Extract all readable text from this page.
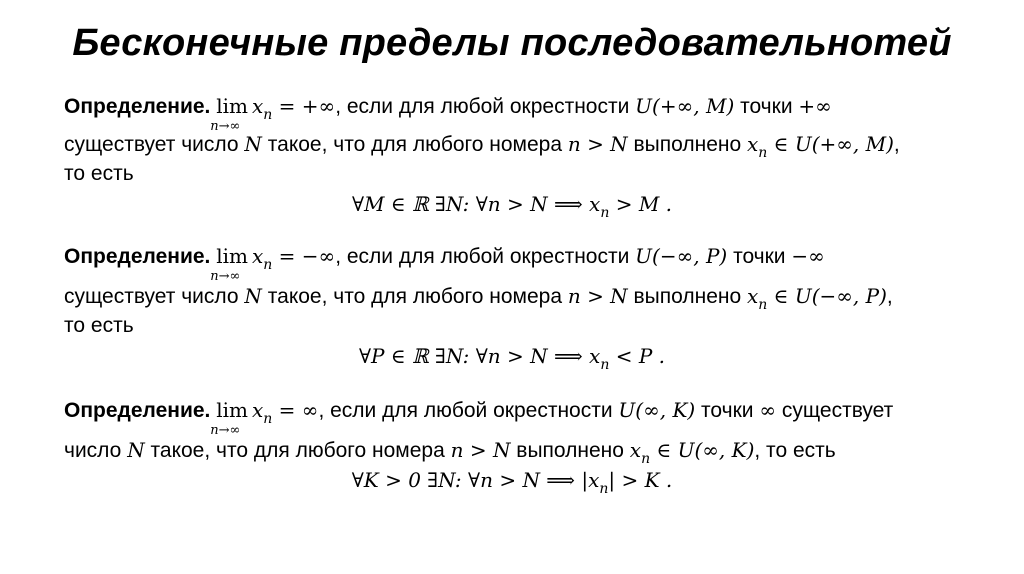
Бесконечные пределы последовательнотей
Определение. lim
n→∞
$x_n$ = +∞, если для любой окрестности U(+∞, M) точки +∞
существует число N такое, что для любого номера n > N выполнено $x_n$ ∈ U(+∞, M),
то есть
∀M ∈ ℝ ∃N: ∀n > N ⟹ $x_n > M$ .
Определение. lim
n→∞
$x_n$ = −∞, если для любой окрестности U(−∞, P) точки −∞
существует число N такое, что для любого номера n > N выполнено $x_n$ ∈ U(−∞, P),
то есть
∀P ∈ ℝ ∃N: ∀n > N ⟹ $x_n < P$ .
Определение. lim
n→∞
$x_n$ = ∞, если для любой окрестности U(∞, K) точки ∞ существует
число N такое, что для любого номера n > N выполнено $x_n$ ∈ U(∞, K), то есть
∀K > 0 ∃N: ∀n > N ⟹ $|x_n| > K$ .
